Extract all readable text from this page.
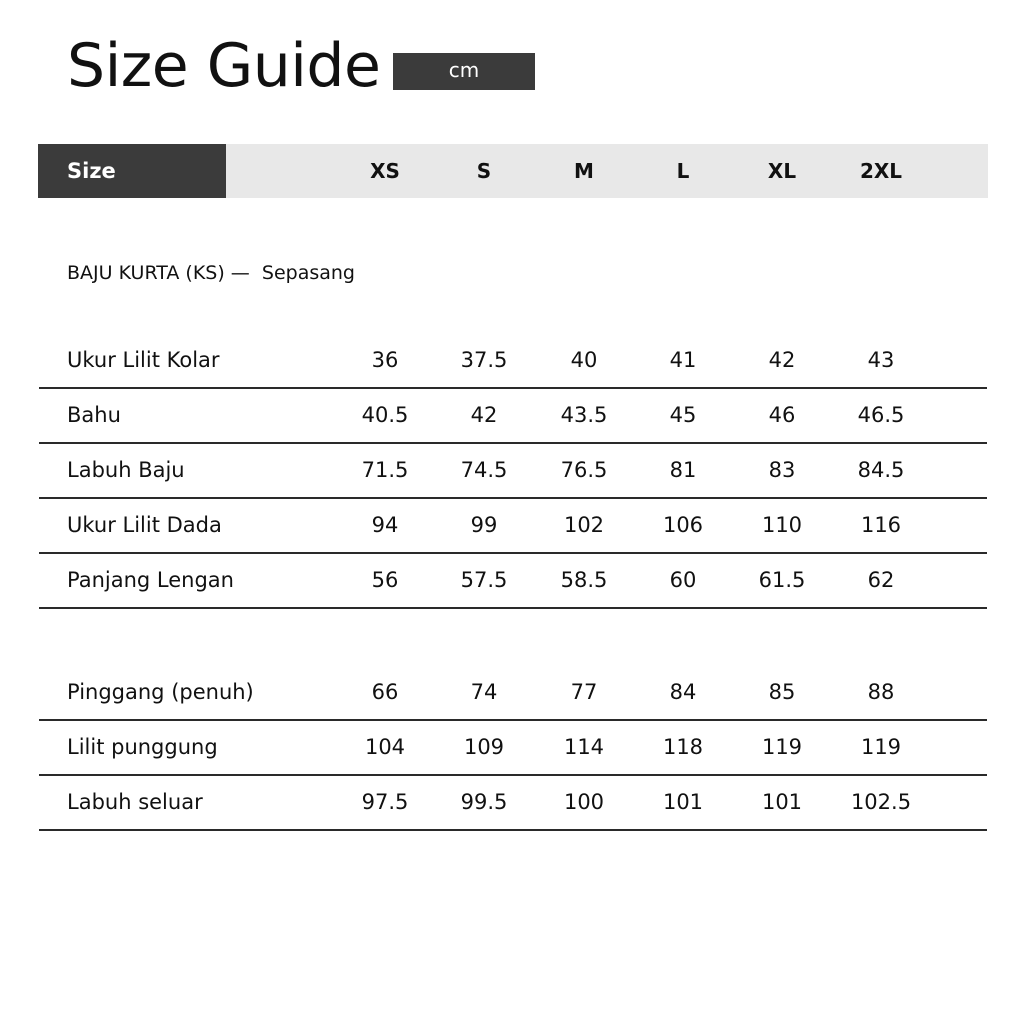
Size Guide	cm
Size	XS	S	M	L	XL	2XL
BAJU KURTA (KS) —  Sepasang
Ukur Lilit Kolar	36	37.5	40	41	42	43
Bahu	40.5	42	43.5	45	46	46.5
Labuh Baju	71.5	74.5	76.5	81	83	84.5
Ukur Lilit Dada	94	99	102	106	110	116
Panjang Lengan	56	57.5	58.5	60	61.5	62
Pinggang (penuh)	66	74	77	84	85	88
Lilit punggung	104	109	114	118	119	119
Labuh seluar	97.5	99.5	100	101	101	102.5
